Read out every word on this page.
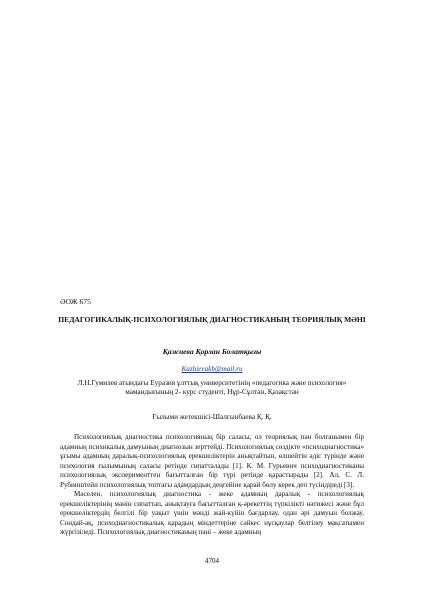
ӘОЖ 675
ПЕДАГОГИКАЛЫҚ-ПСИХОЛОГИЯЛЫҚ ДИАГНОСТИКАНЫҢ ТЕОРИЯЛЫҚ МӘНІ
Қажиева Қорлан Болатқызы
Kazhievakb@mail.ru
Л.Н.Гумилев атындағы Еуразия ұлттық университетінің «педагогика және психология» мамандығының 2- курс студенті, Нұр-Сұлтан, Қазақстан
Ғылыми жетекшісі-Шалғынбаева Қ. Қ.

Психологиялық диагностика психологияның бір саласы, ол теориялық пән болғанымен бір адамның психикалық дамуының диагнозын зерттейді. Психологиялық сөздікте «психодиагностика» ұғымы адамның даралық-психологиялық ерекшеліктерін анықтайтын, өлшейтін әдіс түрінде және психология ғылымының саласы ретінде сипатталады [1]. К. М. Гурьевич психодиагностиканы психологиялық эксперименттен бағытталған бір түрі ретінде қарастырады [2]. Ал, С. Л. Рубинштейн психологиялық топтағы адамдардың деңгейіне қарай бөлу керек деп түсіндіреді [3].

Мәселен, психологиялық диагностика - жеке адамның даралық - психологиялық ерекшеліктерінің мәнін сипаттап, анықтауға бағытталған қ-әрекеттің түпкілікті нәтижесі және бұл ерекшеліктердің белгілі бір уақыт үшін мәнді жай-күйін бағдарлау, одан әрі дамуын болжау. Сондай-ақ, психодиагностикалық қарадың міндеттеріне сәйкес нұсқаулар белгілеу мақсатымен жүргізіледі. Психологиялық диагностиканың пәні – жеке адамның

4704
